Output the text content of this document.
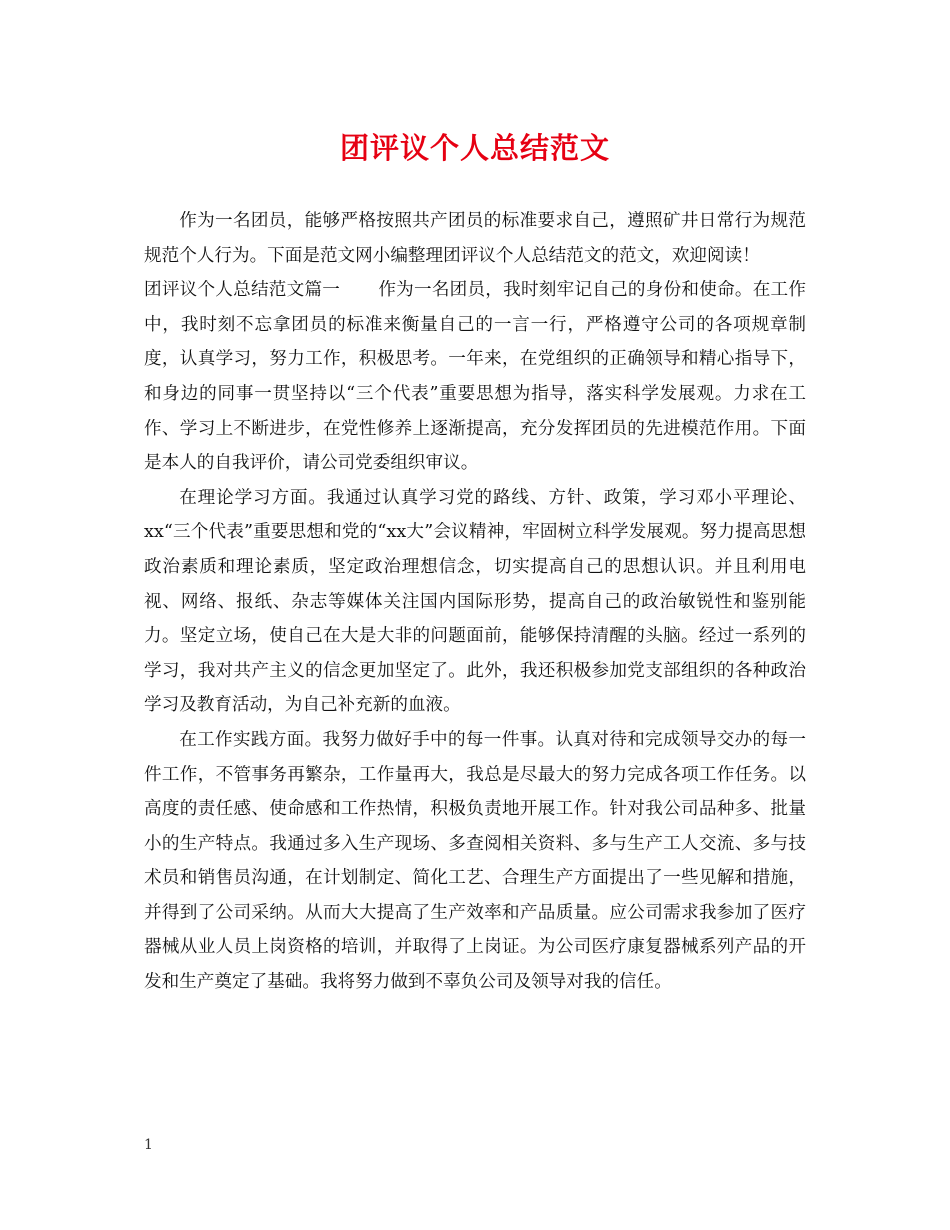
团评议个人总结范文

作为一名团员，能够严格按照共产团员的标准要求自己，遵照矿井日常行为规范规范个人行为。下面是范文网小编整理团评议个人总结范文的范文，欢迎阅读！

团评议个人总结范文篇一 作为一名团员，我时刻牢记自己的身份和使命。在工作中，我时刻不忘拿团员的标准来衡量自己的一言一行，严格遵守公司的各项规章制度，认真学习，努力工作，积极思考。一年来，在党组织的正确领导和精心指导下，和身边的同事一贯坚持以“三个代表”重要思想为指导，落实科学发展观。力求在工作、学习上不断进步，在党性修养上逐渐提高，充分发挥团员的先进模范作用。下面是本人的自我评价，请公司党委组织审议。

在理论学习方面。我通过认真学习党的路线、方针、政策，学习邓小平理论、xx“三个代表”重要思想和党的“xx大”会议精神，牢固树立科学发展观。努力提高思想政治素质和理论素质，坚定政治理想信念，切实提高自己的思想认识。并且利用电视、网络、报纸、杂志等媒体关注国内国际形势，提高自己的政治敏锐性和鉴别能力。坚定立场，使自己在大是大非的问题面前，能够保持清醒的头脑。经过一系列的学习，我对共产主义的信念更加坚定了。此外，我还积极参加党支部组织的各种政治学习及教育活动，为自己补充新的血液。

在工作实践方面。我努力做好手中的每一件事。认真对待和完成领导交办的每一件工作，不管事务再繁杂，工作量再大，我总是尽最大的努力完成各项工作任务。以高度的责任感、使命感和工作热情，积极负责地开展工作。针对我公司品种多、批量小的生产特点。我通过多入生产现场、多查阅相关资料、多与生产工人交流、多与技术员和销售员沟通，在计划制定、简化工艺、合理生产方面提出了一些见解和措施，并得到了公司采纳。从而大大提高了生产效率和产品质量。应公司需求我参加了医疗器械从业人员上岗资格的培训，并取得了上岗证。为公司医疗康复器械系列产品的开发和生产奠定了基础。我将努力做到不辜负公司及领导对我的信任。

1
